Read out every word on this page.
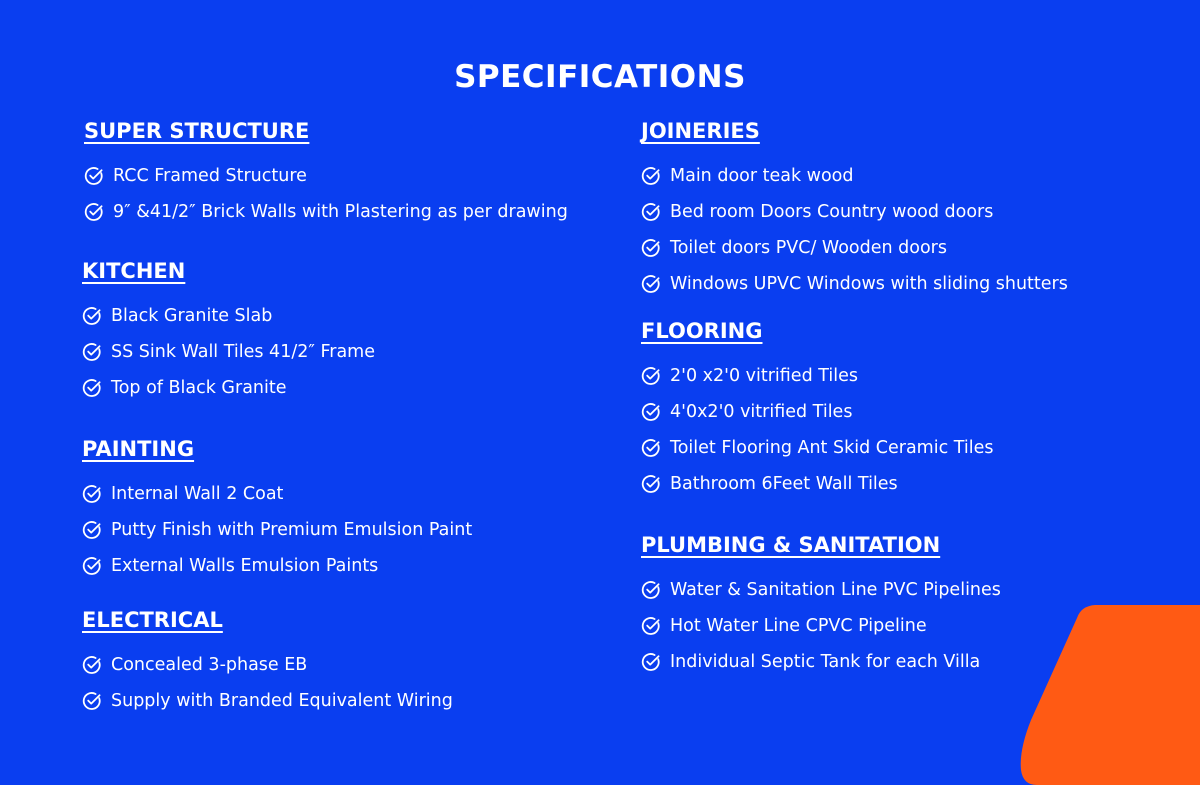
SPECIFICATIONS
SUPER STRUCTURE
RCC Framed Structure
9″ &41/2″ Brick Walls with Plastering as per drawing
KITCHEN
Black Granite Slab
SS Sink Wall Tiles 41/2″ Frame
Top of Black Granite
PAINTING
Internal Wall 2 Coat
Putty Finish with Premium Emulsion Paint
External Walls Emulsion Paints
ELECTRICAL
Concealed 3-phase EB
Supply with Branded Equivalent Wiring
JOINERIES
Main door teak wood
Bed room Doors Country wood doors
Toilet doors PVC/ Wooden doors
Windows UPVC Windows with sliding shutters
FLOORING
2'0 x2'0 vitrified Tiles
4'0x2'0 vitrified Tiles
Toilet Flooring Ant Skid Ceramic Tiles
Bathroom 6Feet Wall Tiles
PLUMBING & SANITATION
Water & Sanitation Line PVC Pipelines
Hot Water Line CPVC Pipeline
Individual Septic Tank for each Villa
